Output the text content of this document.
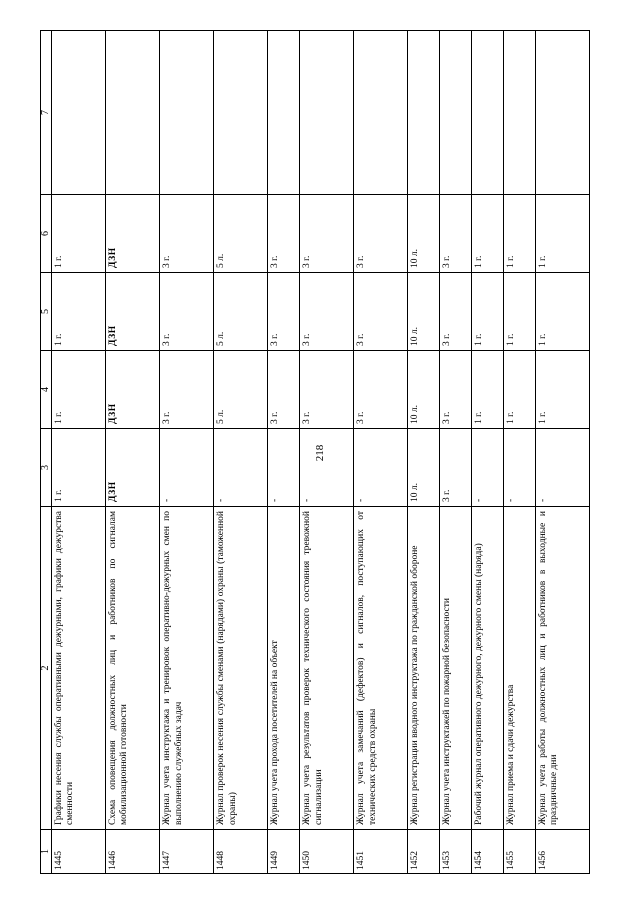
218
1	2	3	4	5	6	7
1445	Графики несения службы оперативными дежурными, графики дежурства сменности	1 г.	1 г.	1 г.	1 г.	
1446	Схема оповещения должностных лиц и работников по сигналам мобилизационной готовности	ДЗН	ДЗН	ДЗН	ДЗН	
1447	Журнал учета инструктажа и тренировок оперативно-дежурных смен по выполнению служебных задач	-	3 г.	3 г.	3 г.	
1448	Журнал проверок несения службы сменами (нарядами) охраны (таможенной охраны)	-	5 л.	5 л.	5 л.	
1449	Журнал учета прохода посетителей на объект	-	3 г.	3 г.	3 г.	
1450	Журнал учета результатов проверок технического состояния тревожной сигнализации	-	3 г.	3 г.	3 г.	
1451	Журнал учета замечаний (дефектов) и сигналов, поступающих от технических средств охраны	-	3 г.	3 г.	3 г.	
1452	Журнал регистрации вводного инструктажа по гражданской обороне	10 л.	10 л.	10 л.	10 л.	
1453	Журнал учета инструктажей по пожарной безопасности	3 г.	3 г.	3 г.	3 г.	
1454	Рабочий журнал оперативного дежурного, дежурного смены (наряда)	-	1 г.	1 г.	1 г.	
1455	Журнал приема и сдачи дежурства	-	1 г.	1 г.	1 г.	
1456	Журнал учета работы должностных лиц и работников в выходные и праздничные дни	-	1 г.	1 г.	1 г.	
